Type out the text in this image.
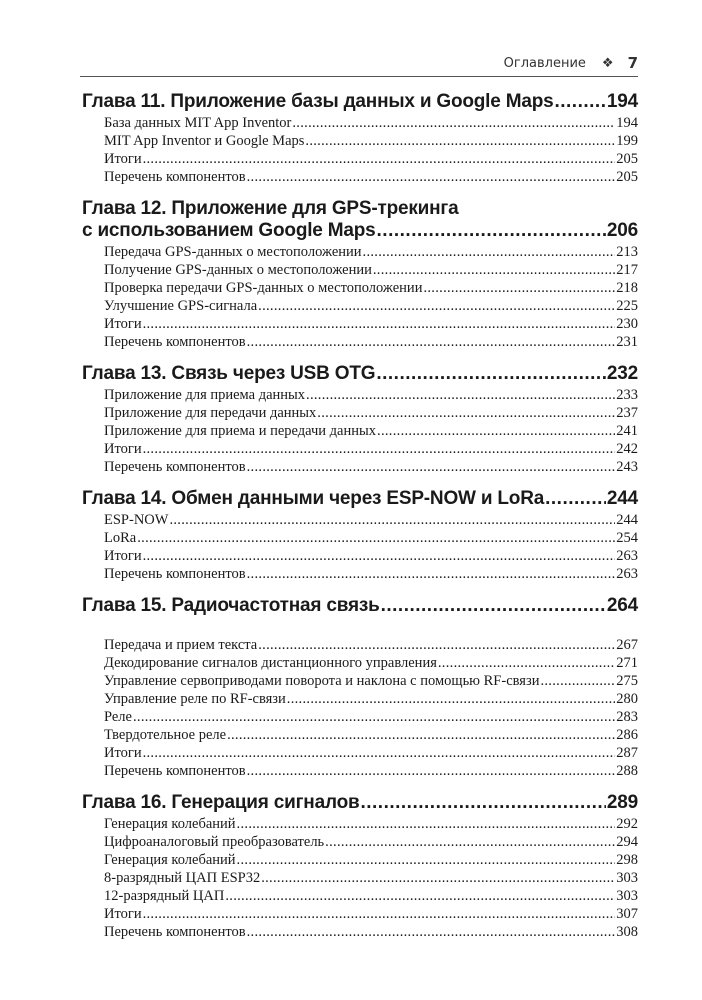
Оглавление ❖ 7
Глава 11. Приложение базы данных и Google Maps .....	194
База данных MIT App Inventor .....	194
MIT App Inventor и Google Maps .....	199
Итоги .....	205
Перечень компонентов .....	205
Глава 12. Приложение для GPS-трекинга
с использованием Google Maps .....	206
Передача GPS-данных о местоположении .....	213
Получение GPS-данных о местоположении .....	217
Проверка передачи GPS-данных о местоположении .....	218
Улучшение GPS-сигнала .....	225
Итоги .....	230
Перечень компонентов .....	231
Глава 13. Связь через USB OTG .....	232
Приложение для приема данных .....	233
Приложение для передачи данных .....	237
Приложение для приема и передачи данных .....	241
Итоги .....	242
Перечень компонентов .....	243
Глава 14. Обмен данными через ESP-NOW и LoRa .....	244
ESP-NOW .....	244
LoRa .....	254
Итоги .....	263
Перечень компонентов .....	263
Глава 15. Радиочастотная связь .....	264
Передача и прием текста .....	267
Декодирование сигналов дистанционного управления .....	271
Управление сервоприводами поворота и наклона с помощью RF-связи .....	275
Управление реле по RF-связи .....	280
Реле .....	283
Твердотельное реле .....	286
Итоги .....	287
Перечень компонентов .....	288
Глава 16. Генерация сигналов .....	289
Генерация колебаний .....	292
Цифроаналоговый преобразователь .....	294
Генерация колебаний .....	298
8-разрядный ЦАП ESP32 .....	303
12-разрядный ЦАП .....	303
Итоги .....	307
Перечень компонентов .....	308
